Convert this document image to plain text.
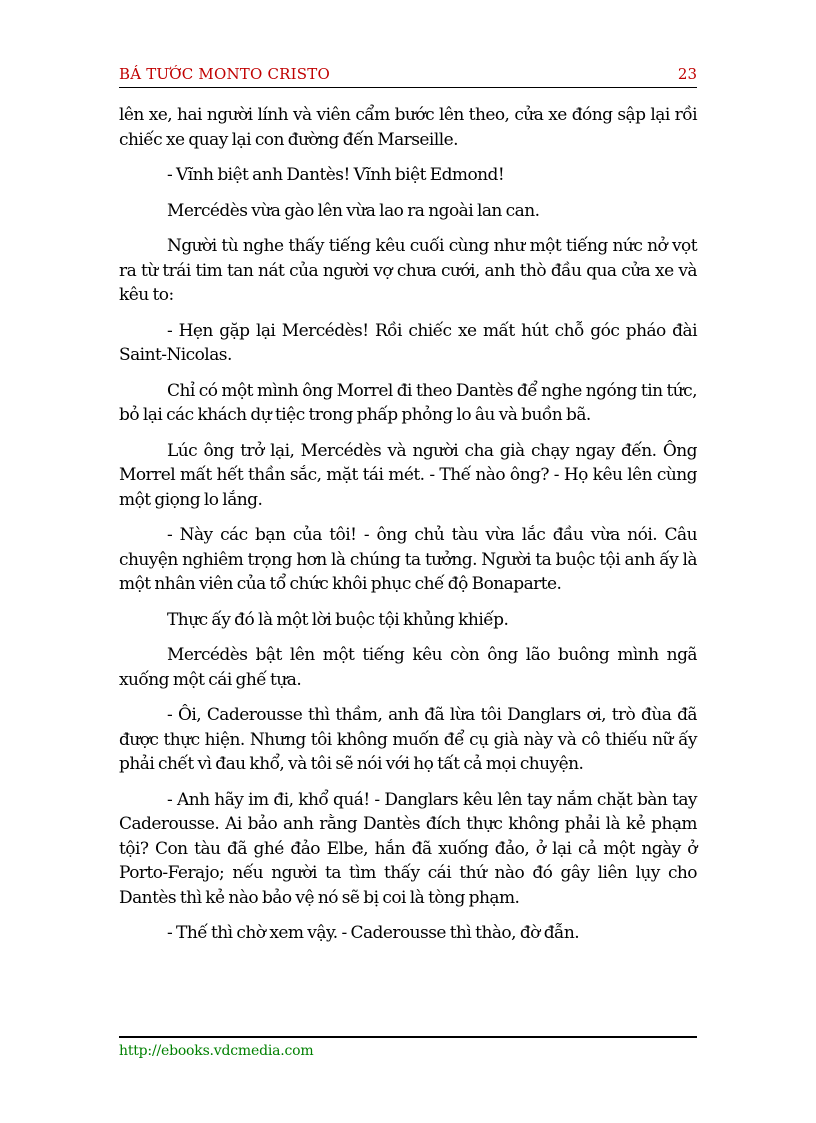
BÁ TƯỚC MONTO CRISTO	23

lên xe, hai người lính và viên cẩm bước lên theo, cửa xe đóng sập lại rồi chiếc xe quay lại con đường đến Marseille.

- Vĩnh biệt anh Dantès! Vĩnh biệt Edmond!

Mercédès vừa gào lên vừa lao ra ngoài lan can.

Người tù nghe thấy tiếng kêu cuối cùng như một tiếng nức nở vọt ra từ trái tim tan nát của người vợ chưa cưới, anh thò đầu qua cửa xe và kêu to:

- Hẹn gặp lại Mercédès! Rồi chiếc xe mất hút chỗ góc pháo đài Saint-Nicolas.

Chỉ có một mình ông Morrel đi theo Dantès để nghe ngóng tin tức, bỏ lại các khách dự tiệc trong phấp phỏng lo âu và buồn bã.

Lúc ông trở lại, Mercédès và người cha già chạy ngay đến. Ông Morrel mất hết thần sắc, mặt tái mét. - Thế nào ông? - Họ kêu lên cùng một giọng lo lắng.

- Này các bạn của tôi! - ông chủ tàu vừa lắc đầu vừa nói. Câu chuyện nghiêm trọng hơn là chúng ta tưởng. Người ta buộc tội anh ấy là một nhân viên của tổ chức khôi phục chế độ Bonaparte.

Thực ấy đó là một lời buộc tội khủng khiếp.

Mercédès bật lên một tiếng kêu còn ông lão buông mình ngã xuống một cái ghế tựa.

- Ôi, Caderousse thì thầm, anh đã lừa tôi Danglars ơi, trò đùa đã được thực hiện. Nhưng tôi không muốn để cụ già này và cô thiếu nữ ấy phải chết vì đau khổ, và tôi sẽ nói với họ tất cả mọi chuyện.

- Anh hãy im đi, khổ quá! - Danglars kêu lên tay nắm chặt bàn tay Caderousse. Ai bảo anh rằng Dantès đích thực không phải là kẻ phạm tội? Con tàu đã ghé đảo Elbe, hắn đã xuống đảo, ở lại cả một ngày ở Porto-Ferajo; nếu người ta tìm thấy cái thứ nào đó gây liên lụy cho Dantès thì kẻ nào bảo vệ nó sẽ bị coi là tòng phạm.

- Thế thì chờ xem vậy. - Caderousse thì thào, đờ đẫn.

http://ebooks.vdcmedia.com
